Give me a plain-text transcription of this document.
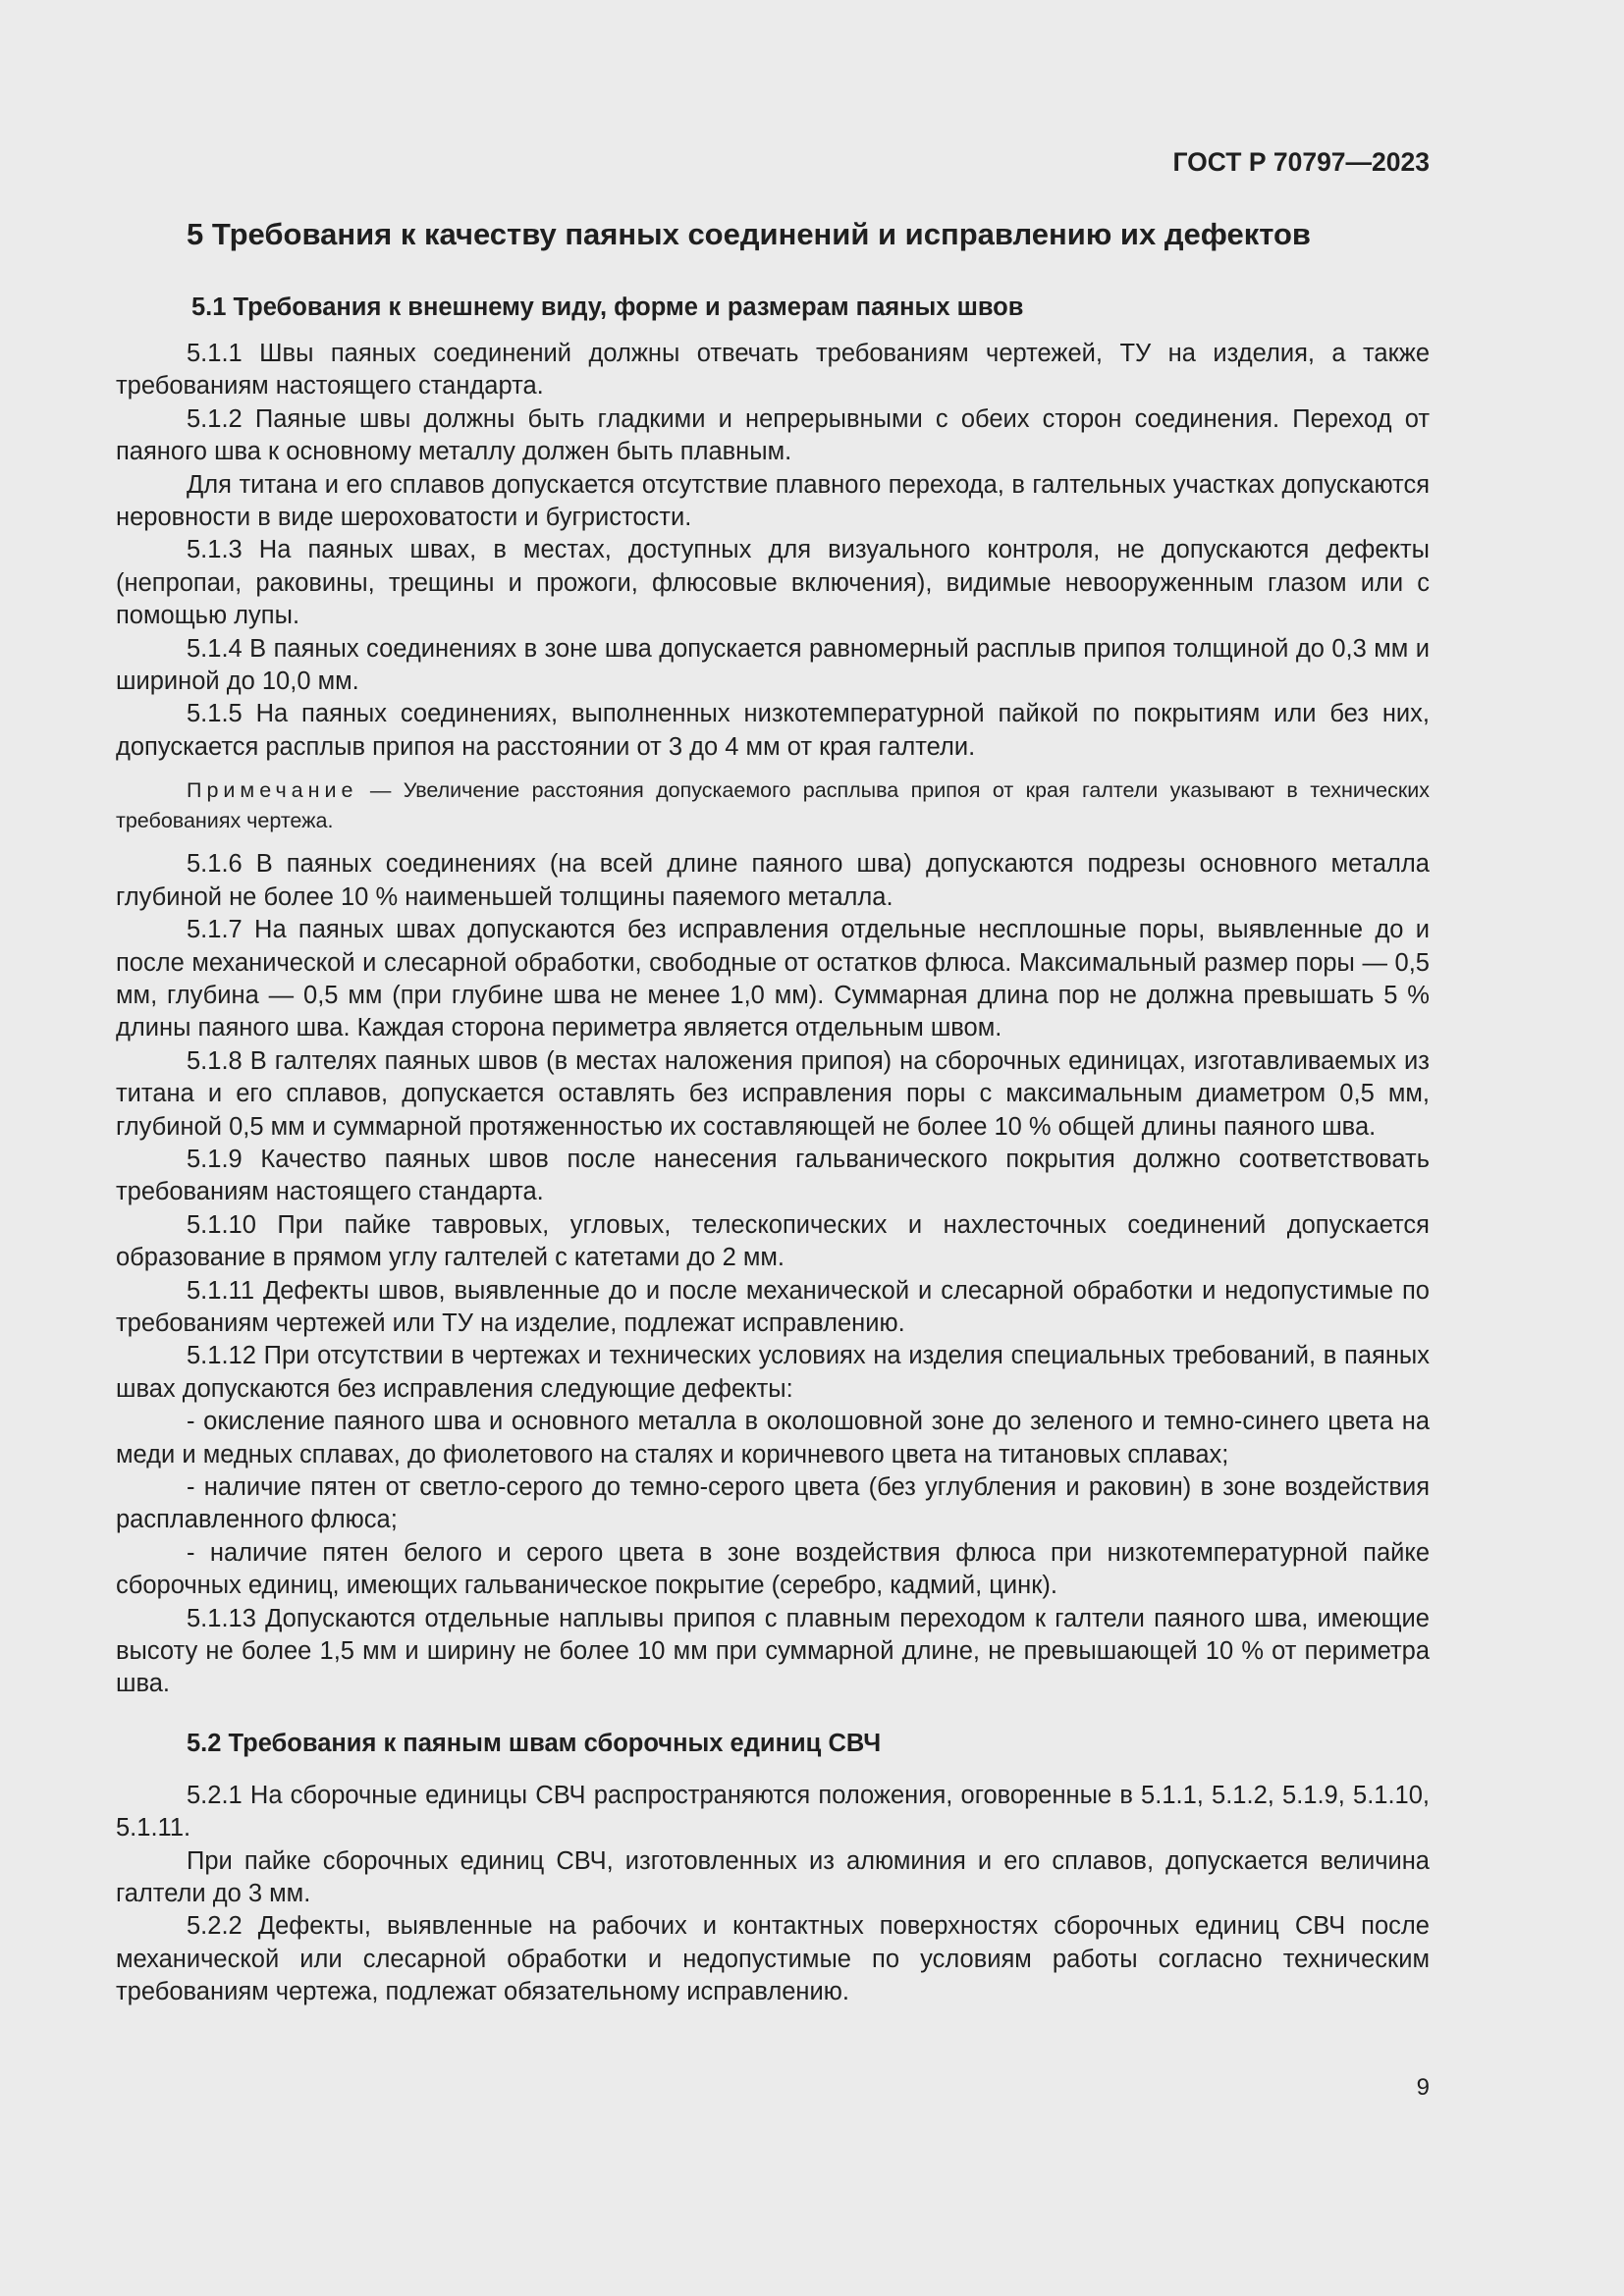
ГОСТ Р 70797—2023
5 Требования к качеству паяных соединений и исправлению их дефектов
5.1 Требования к внешнему виду, форме и размерам паяных швов

5.1.1 Швы паяных соединений должны отвечать требованиям чертежей, ТУ на изделия, а также требованиям настоящего стандарта.

5.1.2 Паяные швы должны быть гладкими и непрерывными с обеих сторон соединения. Переход от паяного шва к основному металлу должен быть плавным.

Для титана и его сплавов допускается отсутствие плавного перехода, в галтельных участках допускаются неровности в виде шероховатости и бугристости.

5.1.3 На паяных швах, в местах, доступных для визуального контроля, не допускаются дефекты (непропаи, раковины, трещины и прожоги, флюсовые включения), видимые невооруженным глазом или с помощью лупы.

5.1.4 В паяных соединениях в зоне шва допускается равномерный расплыв припоя толщиной до 0,3 мм и шириной до 10,0 мм.

5.1.5 На паяных соединениях, выполненных низкотемпературной пайкой по покрытиям или без них, допускается расплыв припоя на расстоянии от 3 до 4 мм от края галтели.

Примечание — Увеличение расстояния допускаемого расплыва припоя от края галтели указывают в технических требованиях чертежа.

5.1.6 В паяных соединениях (на всей длине паяного шва) допускаются подрезы основного металла глубиной не более 10 % наименьшей толщины паяемого металла.

5.1.7 На паяных швах допускаются без исправления отдельные несплошные поры, выявленные до и после механической и слесарной обработки, свободные от остатков флюса. Максимальный размер поры — 0,5 мм, глубина — 0,5 мм (при глубине шва не менее 1,0 мм). Суммарная длина пор не должна превышать 5 % длины паяного шва. Каждая сторона периметра является отдельным швом.

5.1.8 В галтелях паяных швов (в местах наложения припоя) на сборочных единицах, изготавливаемых из титана и его сплавов, допускается оставлять без исправления поры с максимальным диаметром 0,5 мм, глубиной 0,5 мм и суммарной протяженностью их составляющей не более 10 % общей длины паяного шва.

5.1.9 Качество паяных швов после нанесения гальванического покрытия должно соответствовать требованиям настоящего стандарта.

5.1.10 При пайке тавровых, угловых, телескопических и нахлесточных соединений допускается образование в прямом углу галтелей с катетами до 2 мм.

5.1.11 Дефекты швов, выявленные до и после механической и слесарной обработки и недопустимые по требованиям чертежей или ТУ на изделие, подлежат исправлению.

5.1.12 При отсутствии в чертежах и технических условиях на изделия специальных требований, в паяных швах допускаются без исправления следующие дефекты:

- окисление паяного шва и основного металла в околошовной зоне до зеленого и темно-синего цвета на меди и медных сплавах, до фиолетового на сталях и коричневого цвета на титановых сплавах;

- наличие пятен от светло-серого до темно-серого цвета (без углубления и раковин) в зоне воздействия расплавленного флюса;

- наличие пятен белого и серого цвета в зоне воздействия флюса при низкотемпературной пайке сборочных единиц, имеющих гальваническое покрытие (серебро, кадмий, цинк).

5.1.13 Допускаются отдельные наплывы припоя с плавным переходом к галтели паяного шва, имеющие высоту не более 1,5 мм и ширину не более 10 мм при суммарной длине, не превышающей 10 % от периметра шва.

5.2 Требования к паяным швам сборочных единиц СВЧ

5.2.1 На сборочные единицы СВЧ распространяются положения, оговоренные в 5.1.1, 5.1.2, 5.1.9, 5.1.10, 5.1.11.

При пайке сборочных единиц СВЧ, изготовленных из алюминия и его сплавов, допускается величина галтели до 3 мм.

5.2.2 Дефекты, выявленные на рабочих и контактных поверхностях сборочных единиц СВЧ после механической или слесарной обработки и недопустимые по условиям работы согласно техническим требованиям чертежа, подлежат обязательному исправлению.

9
